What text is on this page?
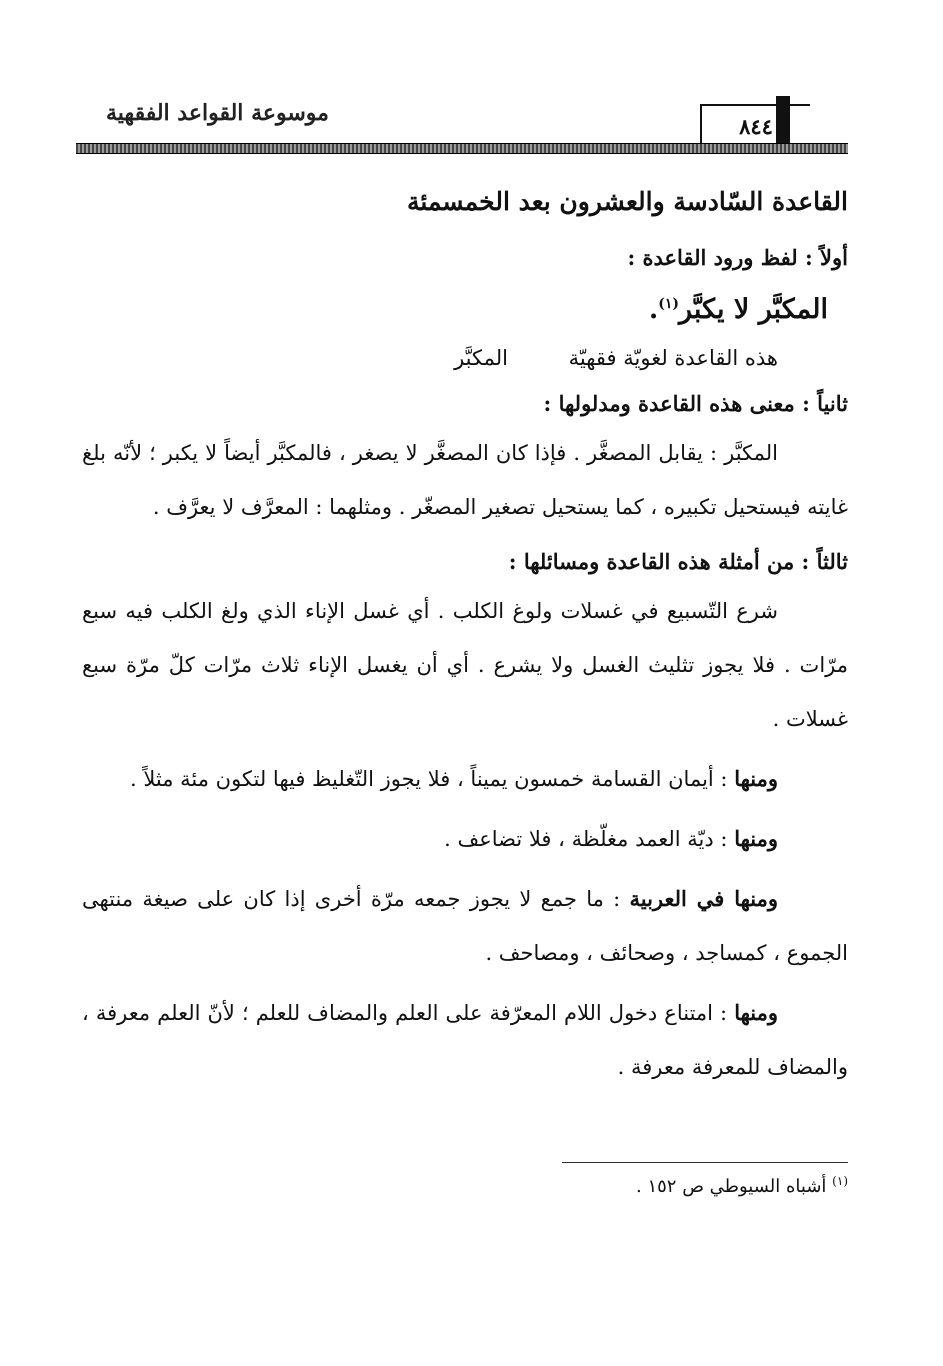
موسوعة القواعد الفقهية	٨٤٤
القاعدة السّادسة والعشرون بعد الخمسمئة

أولاً : لفظ ورود القاعدة :

المكبَّر لا يكبَّر$^{(١)}$.

هذه القاعدة لغويّة فقهيّة
المكبَّر

ثانياً : معنى هذه القاعدة ومدلولها :

المكبَّر : يقابل المصغَّر . فإذا كان المصغَّر لا يصغر ، فالمكبَّر أيضاً لا يكبر ؛ لأنّه بلغ غايته فيستحيل تكبيره ، كما يستحيل تصغير المصغّر . ومثلهما : المعرَّف لا يعرَّف .

ثالثاً : من أمثلة هذه القاعدة ومسائلها :

شرع التّسبيع في غسلات ولوغ الكلب . أي غسل الإناء الذي ولغ الكلب فيه سبع مرّات . فلا يجوز تثليث الغسل ولا يشرع . أي أن يغسل الإناء ثلاث مرّات كلّ مرّة سبع غسلات .

ومنها : أيمان القسامة خمسون يميناً ، فلا يجوز التّغليظ فيها لتكون مئة مثلاً .

ومنها : ديّة العمد مغلّظة ، فلا تضاعف .

ومنها في العربية : ما جمع لا يجوز جمعه مرّة أخرى إذا كان على صيغة منتهى الجموع ، كمساجد ، وصحائف ، ومصاحف .

ومنها : امتناع دخول اللام المعرّفة على العلم والمضاف للعلم ؛ لأنّ العلم معرفة ، والمضاف للمعرفة معرفة .

$^{(١)}$ أشباه السيوطي ص ١٥٢ .
